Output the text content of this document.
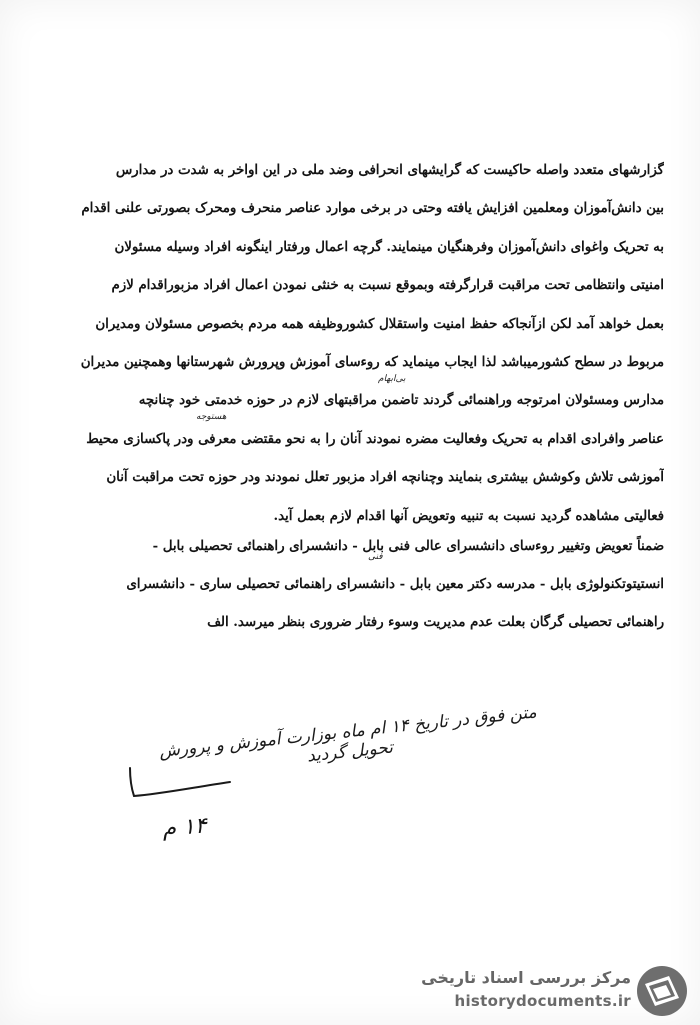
گزارشهای متعدد واصله حاکیست که گرایشهای انحرافی وضد ملی در این اواخر به شدت در مدارس
بین دانش‌آموزان ومعلمین افزایش یافته وحتی در برخی موارد عناصر منحرف ومحرک بصورتی علنی اقدام
به تحریک واغوای دانش‌آموزان وفرهنگیان مینمایند. گرچه اعمال ورفتار اینگونه افراد وسیله مسئولان
امنیتی وانتظامی تحت مراقبت قرارگرفته وبموقع نسبت به خنثی نمودن اعمال افراد مزبوراقدام لازم
بعمل خواهد آمد لکن ازآنجاکه حفظ امنیت واستقلال کشوروظیفه همه مردم بخصوص مسئولان ومدیران
مربوط در سطح کشورمیباشد لذا ایجاب مینماید که روءسای آموزش وپرورش شهرستانها وهمچنین مدیران
مدارس ومسئولان امرتوجه وراهنمائی گردند تاضمن مراقبتهای لازم در حوزه خدمتی خود چنانچه
عناصر وافرادی اقدام به تحریک وفعالیت مضره نمودند آنان را به نحو مقتضی معرفی ودر پاکسازی محیط
آموزشی تلاش وکوشش بیشتری بنمایند وچنانچه افراد مزبور تعلل نمودند ودر حوزه تحت مراقبت آنان
فعالیتی مشاهده گردید نسبت به تنبیه وتعویض آنها اقدام لازم بعمل آید.
بی‌ابهام
هستوجه
فنی
ضمناً تعویض وتغییر روءسای دانشسرای عالی فنی بابل - دانشسرای راهنمائی تحصیلی بابل -
انستیتوتکنولوژی بابل - مدرسه دکتر معین بابل - دانشسرای راهنمائی تحصیلی ساری - دانشسرای
راهنمائی تحصیلی گرگان بعلت عدم مدیریت وسوء رفتار ضروری بنظر میرسد. الف
متن فوق در تاریخ ۱۴ ام ماه بوزارت آموزش و پرورش تحویل گردید
۱۴ م
مرکز بررسی اسناد تاریخی
historydocuments.ir
